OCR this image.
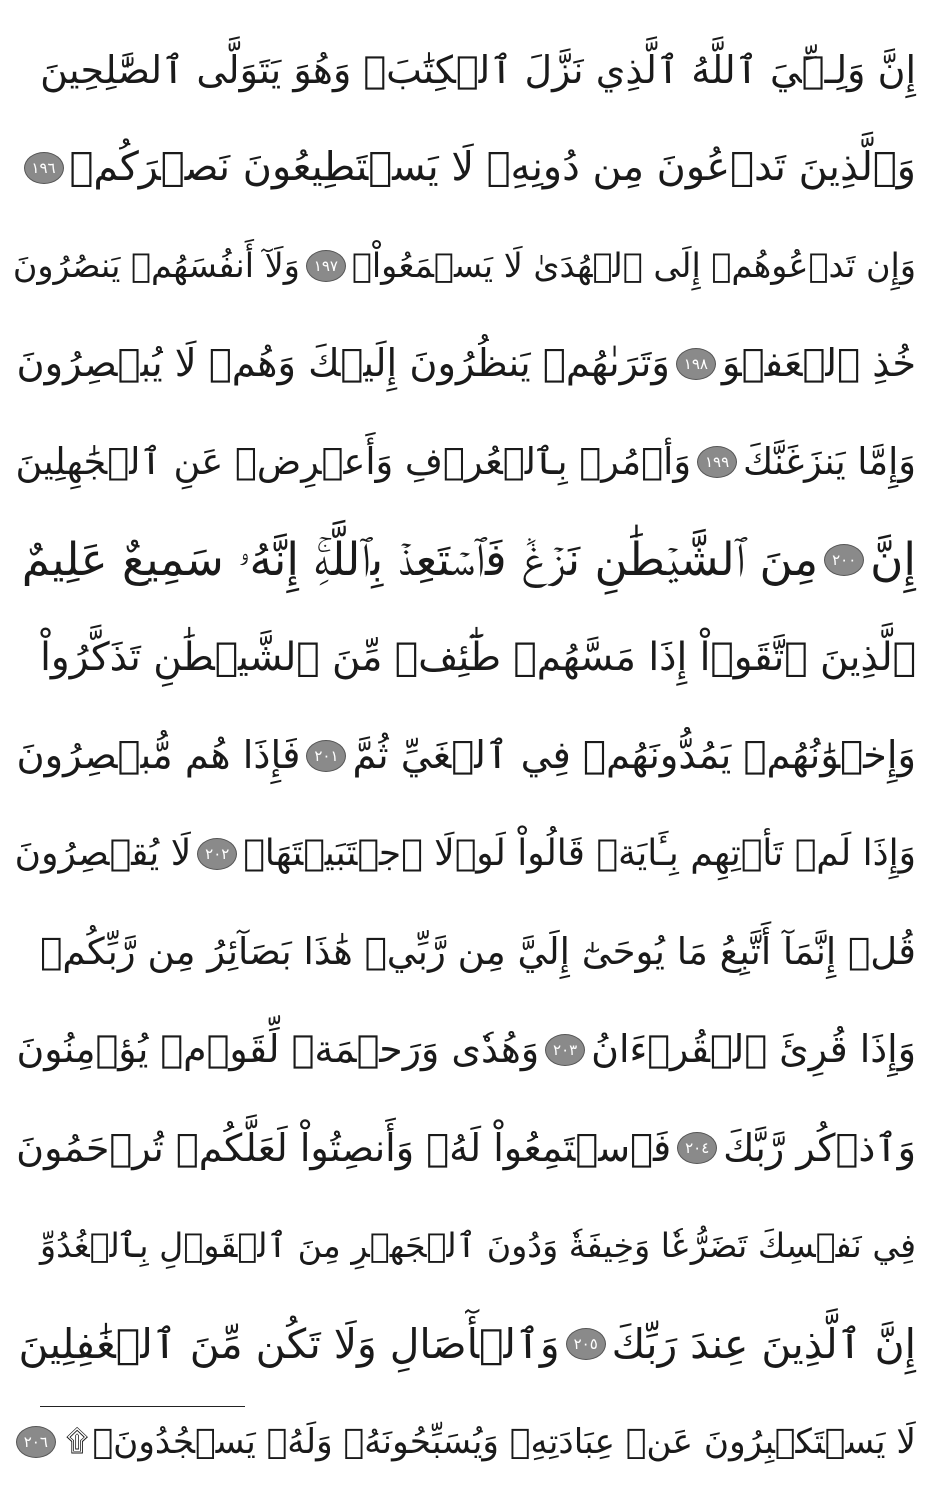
إِنَّ وَلِـِّۧيَ ٱللَّهُ ٱلَّذِي نَزَّلَ ٱلۡكِتَٰبَۖ وَهُوَ يَتَوَلَّى ٱلصَّٰلِحِينَ
وَٱلَّذِينَ تَدۡعُونَ مِن دُونِهِۦ لَا يَسۡتَطِيعُونَ نَصۡرَكُمۡ
١٩٦
وَإِن تَدۡعُوهُمۡ إِلَى ٱلۡهُدَىٰ لَا يَسۡمَعُواْۖ
١٩٧
وَلَآ أَنفُسَهُمۡ يَنصُرُونَ
خُذِ ٱلۡعَفۡوَ
١٩٨
وَتَرَىٰهُمۡ يَنظُرُونَ إِلَيۡكَ وَهُمۡ لَا يُبۡصِرُونَ
وَإِمَّا يَنزَغَنَّكَ
١٩٩
وَأۡمُرۡ بِٱلۡعُرۡفِ وَأَعۡرِضۡ عَنِ ٱلۡجَٰهِلِينَ
إِنَّ
٢٠٠
مِنَ ٱلشَّيۡطَٰنِ نَزۡغٞ فَٱسۡتَعِذۡ بِٱللَّهِۚ إِنَّهُۥ سَمِيعٌ عَلِيمٌ
ٱلَّذِينَ ٱتَّقَوۡاْ إِذَا مَسَّهُمۡ طَٰٓئِفٞ مِّنَ ٱلشَّيۡطَٰنِ تَذَكَّرُواْ
وَإِخۡوَٰنُهُمۡ يَمُدُّونَهُمۡ فِي ٱلۡغَيِّ ثُمَّ
٢٠١
فَإِذَا هُم مُّبۡصِرُونَ
وَإِذَا لَمۡ تَأۡتِهِم بِـَٔايَةٖ قَالُواْ لَوۡلَا ٱجۡتَبَيۡتَهَاۚ
٢٠٢
لَا يُقۡصِرُونَ
قُلۡ إِنَّمَآ أَتَّبِعُ مَا يُوحَىٰٓ إِلَيَّ مِن رَّبِّيۚ هَٰذَا بَصَآئِرُ مِن رَّبِّكُمۡ
وَإِذَا قُرِئَ ٱلۡقُرۡءَانُ
٢٠٣
وَهُدٗى وَرَحۡمَةٞ لِّقَوۡمٖ يُؤۡمِنُونَ
وَٱذۡكُر رَّبَّكَ
٢٠٤
فَٱسۡتَمِعُواْ لَهُۥ وَأَنصِتُواْ لَعَلَّكُمۡ تُرۡحَمُونَ
فِي نَفۡسِكَ تَضَرُّعٗا وَخِيفَةٗ وَدُونَ ٱلۡجَهۡرِ مِنَ ٱلۡقَوۡلِ بِٱلۡغُدُوِّ
إِنَّ ٱلَّذِينَ عِندَ رَبِّكَ
٢٠٥
وَٱلۡأٓصَالِ وَلَا تَكُن مِّنَ ٱلۡغَٰفِلِينَ
لَا يَسۡتَكۡبِرُونَ عَنۡ عِبَادَتِهِۦ وَيُسَبِّحُونَهُۥ وَلَهُۥ يَسۡجُدُونَۤ
۩
٢٠٦
